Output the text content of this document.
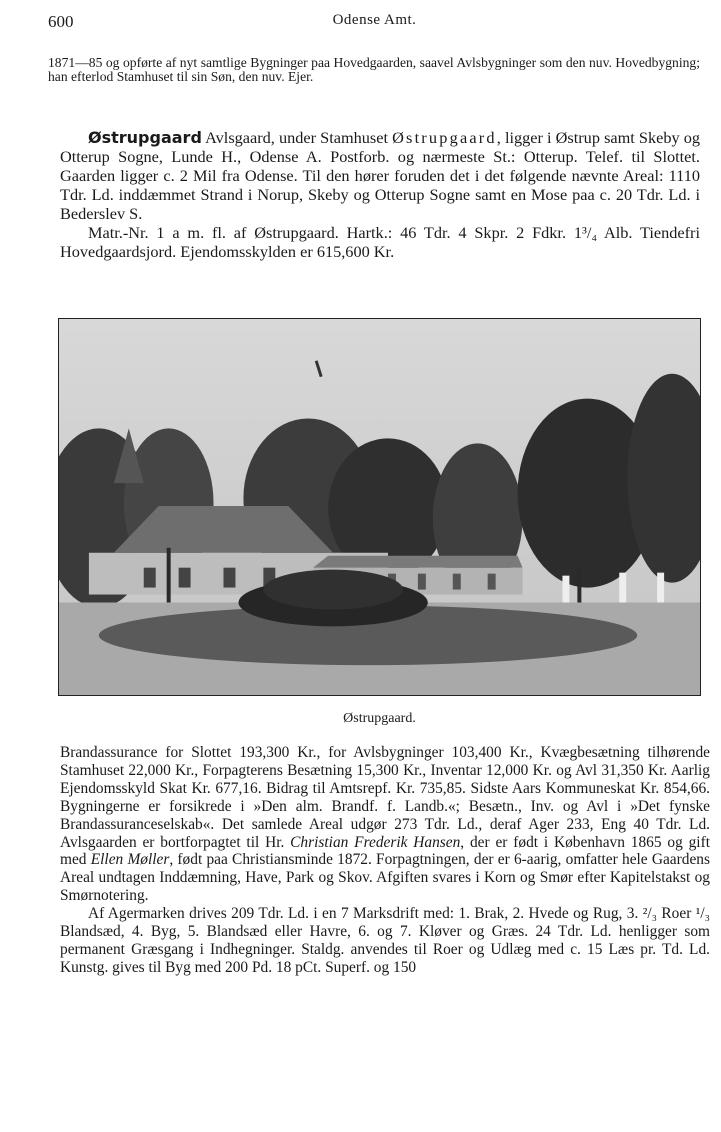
600	Odense Amt.
1871—85 og opførte af nyt samtlige Bygninger paa Hovedgaarden, saavel Avlsbygninger som den nuv. Hovedbygning; han efterlod Stamhuset til sin Søn, den nuv. Ejer.

Østrupgaard Avlsgaard, under Stamhuset Østrupgaard, ligger i Østrup samt Skeby og Otterup Sogne, Lunde H., Odense A. Postforb. og nærmeste St.: Otterup. Telef. til Slottet. Gaarden ligger c. 2 Mil fra Odense. Til den hører foruden det i det følgende nævnte Areal: 1110 Tdr. Ld. inddæmmet Strand i Norup, Skeby og Otterup Sogne samt en Mose paa c. 20 Tdr. Ld. i Bederslev S.

Matr.-Nr. 1 a m. fl. af Østrupgaard. Hartk.: 46 Tdr. 4 Skpr. 2 Fdkr. 1³/₄ Alb. Tiendefri Hovedgaardsjord. Ejendomsskylden er 615,600 Kr.

Østrupgaard.

Brandassurance for Slottet 193,300 Kr., for Avlsbygninger 103,400 Kr., Kvægbesætning tilhørende Stamhuset 22,000 Kr., Forpagterens Besætning 15,300 Kr., Inventar 12,000 Kr. og Avl 31,350 Kr. Aarlig Ejendomsskyld Skat Kr. 677,16. Bidrag til Amtsrepf. Kr. 735,85. Sidste Aars Kommuneskat Kr. 854,66. Bygningerne er forsikrede i »Den alm. Brandf. f. Landb.«; Besætn., Inv. og Avl i »Det fynske Brandassuranceselskab«. Det samlede Areal udgør 273 Tdr. Ld., deraf Ager 233, Eng 40 Tdr. Ld. Avlsgaarden er bortforpagtet til Hr. Christian Frederik Hansen, der er født i København 1865 og gift med Ellen Møller, født paa Christiansminde 1872. Forpagtningen, der er 6-aarig, omfatter hele Gaardens Areal undtagen Inddæmning, Have, Park og Skov. Afgiften svares i Korn og Smør efter Kapitelstakst og Smørnotering.

Af Agermarken drives 209 Tdr. Ld. i en 7 Marksdrift med: 1. Brak, 2. Hvede og Rug, 3. ²/₃ Roer ¹/₃ Blandsæd, 4. Byg, 5. Blandsæd eller Havre, 6. og 7. Kløver og Græs. 24 Tdr. Ld. henligger som permanent Græsgang i Indhegninger. Staldg. anvendes til Roer og Udlæg med c. 15 Læs pr. Td. Ld. Kunstg. gives til Byg med 200 Pd. 18 pCt. Superf. og 150
